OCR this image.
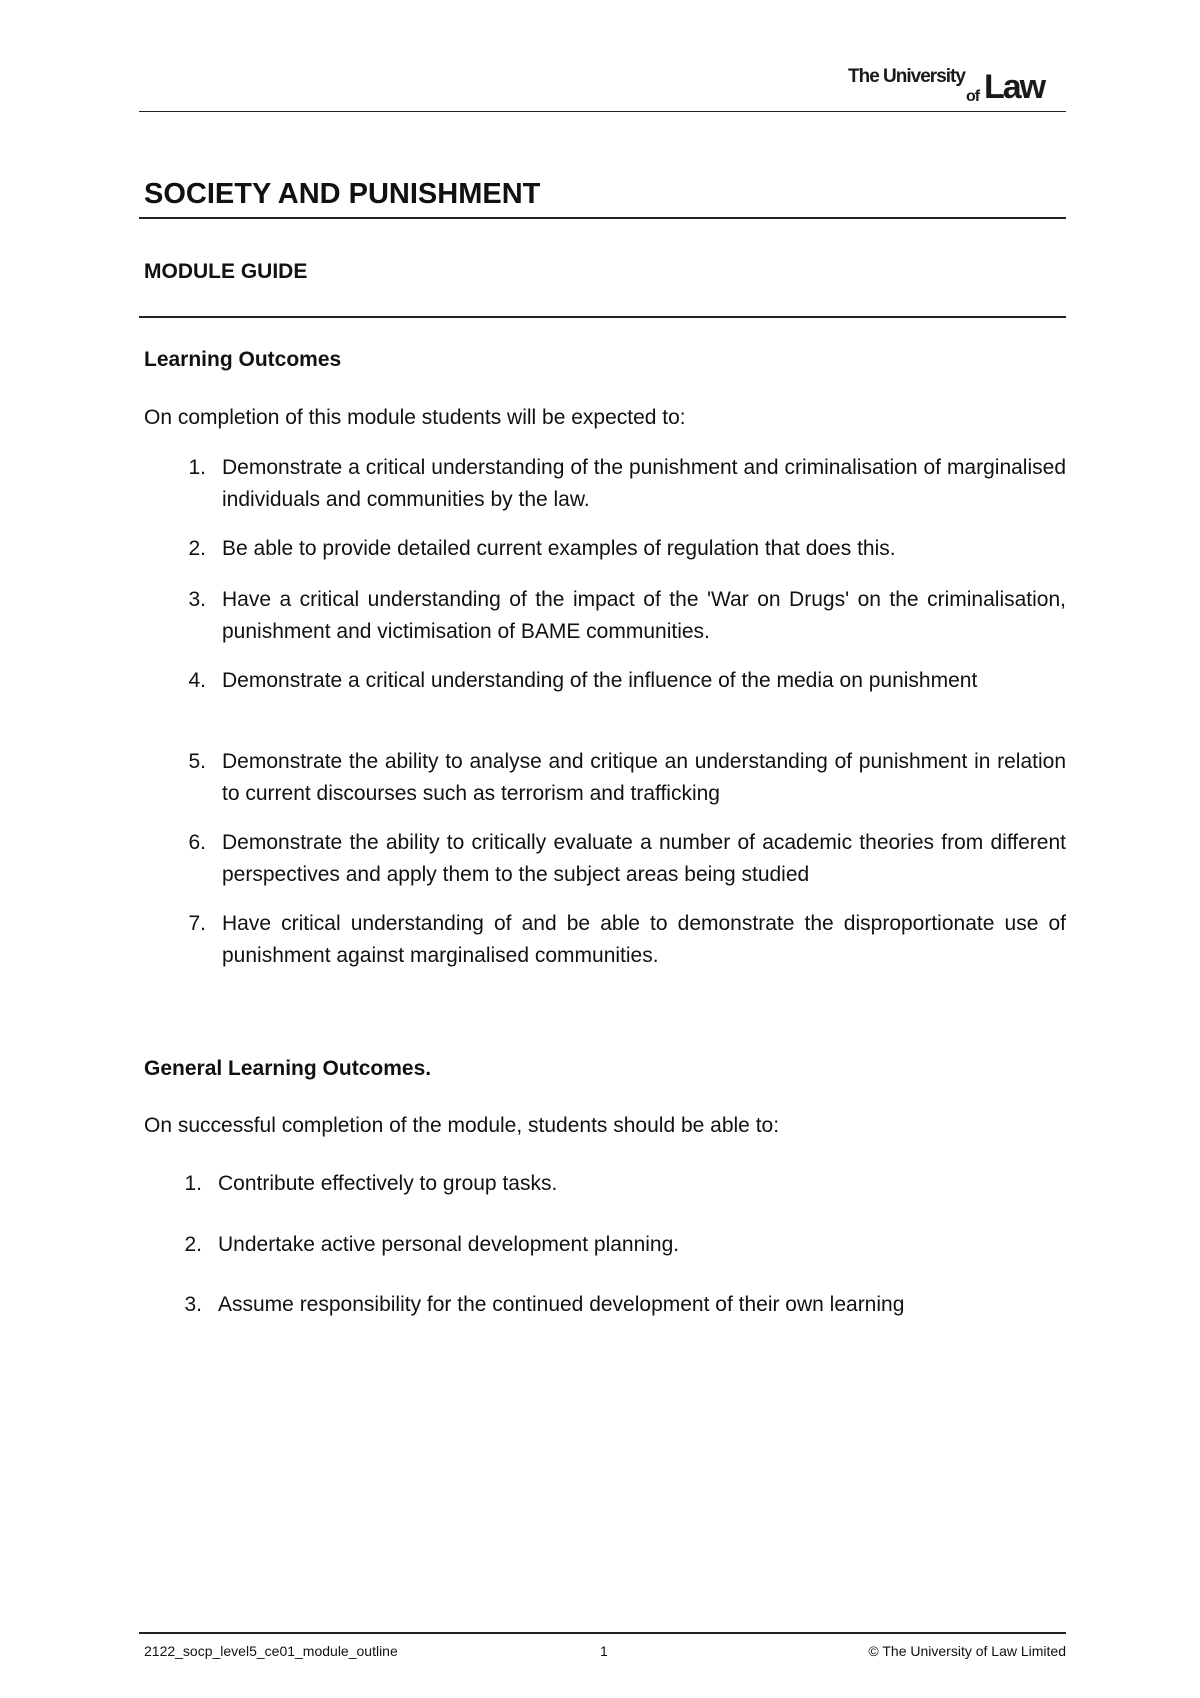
The University
of Law
SOCIETY AND PUNISHMENT
MODULE GUIDE
Learning Outcomes

On completion of this module students will be expected to:

1. Demonstrate a critical understanding of the punishment and criminalisation of marginalised individuals and communities by the law.
2. Be able to provide detailed current examples of regulation that does this.
3. Have a critical understanding of the impact of the 'War on Drugs' on the criminalisation, punishment and victimisation of BAME communities.
4. Demonstrate a critical understanding of the influence of the media on punishment
5. Demonstrate the ability to analyse and critique an understanding of punishment in relation to current discourses such as terrorism and trafficking
6. Demonstrate the ability to critically evaluate a number of academic theories from different perspectives and apply them to the subject areas being studied
7. Have critical understanding of and be able to demonstrate the disproportionate use of punishment against marginalised communities.
General Learning Outcomes.

On successful completion of the module, students should be able to:

1. Contribute effectively to group tasks.
2. Undertake active personal development planning.
3. Assume responsibility for the continued development of their own learning
2122_socp_level5_ce01_module_outline	1	© The University of Law Limited
